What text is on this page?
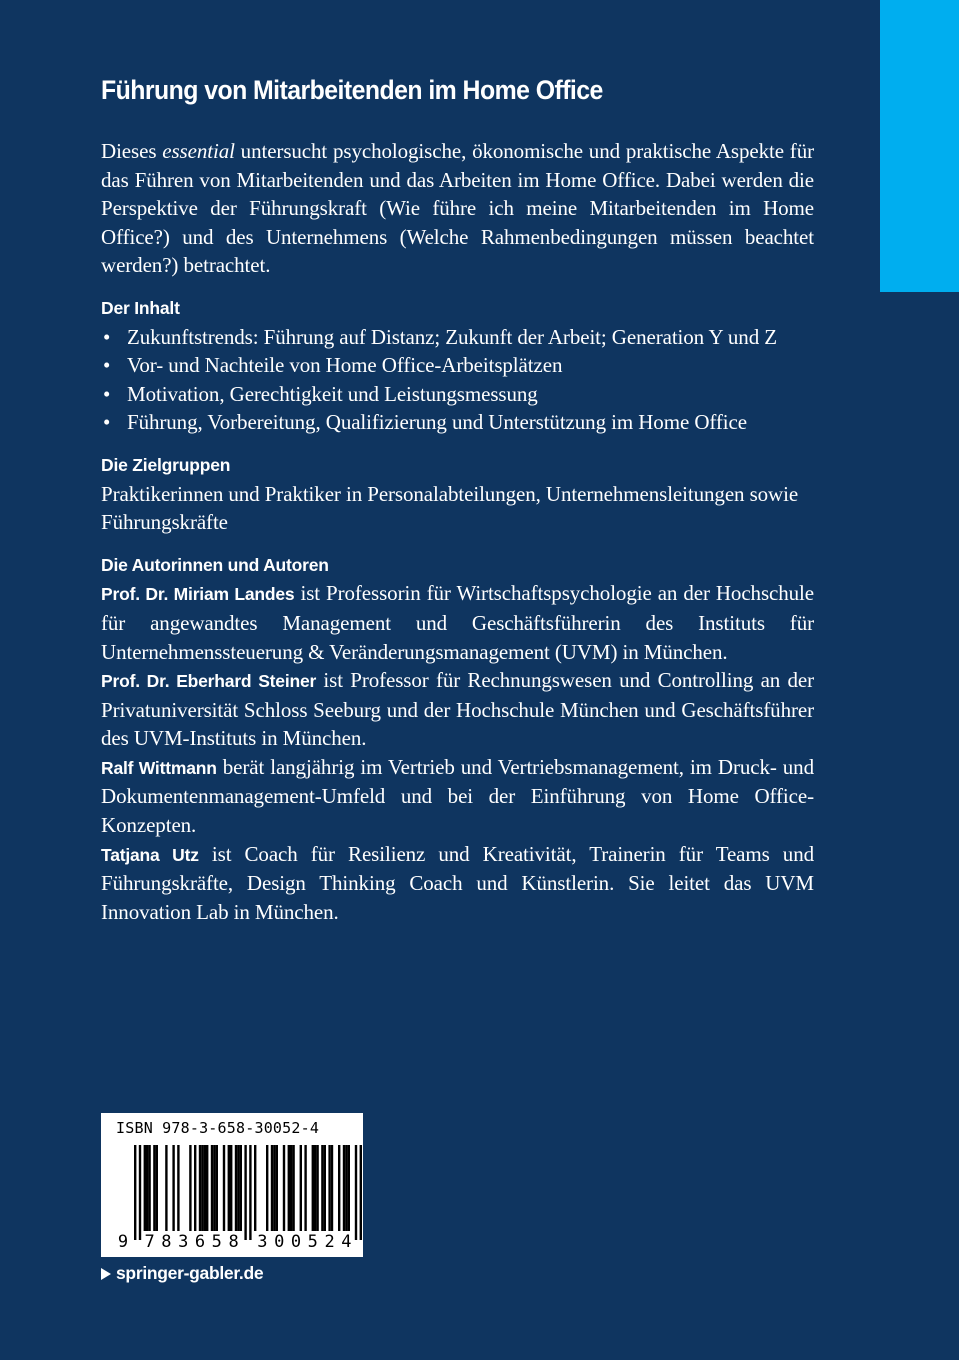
Führung von Mitarbeitenden im Home Office

Dieses essential untersucht psychologische, ökonomische und praktische Aspekte für das Führen von Mitarbeitenden und das Arbeiten im Home Office. Dabei werden die Perspektive der Führungskraft (Wie führe ich meine Mitarbeitenden im Home Office?) und des Unternehmens (Welche Rahmenbedingungen müssen beachtet werden?) betrachtet.

Der Inhalt
• Zukunftstrends: Führung auf Distanz; Zukunft der Arbeit; Generation Y und Z
• Vor- und Nachteile von Home Office-Arbeitsplätzen
• Motivation, Gerechtigkeit und Leistungsmessung
• Führung, Vorbereitung, Qualifizierung und Unterstützung im Home Office
Die Zielgruppen

Praktikerinnen und Praktiker in Personalabteilungen, Unternehmensleitungen sowie Führungskräfte

Die Autorinnen und Autoren

Prof. Dr. Miriam Landes ist Professorin für Wirtschaftspsychologie an der Hochschule für angewandtes Management und Geschäftsführerin des Instituts für Unternehmenssteuerung & Veränderungsmanagement (UVM) in München.

Prof. Dr. Eberhard Steiner ist Professor für Rechnungswesen und Controlling an der Privatuniversität Schloss Seeburg und der Hochschule München und Geschäftsführer des UVM-Instituts in München.

Ralf Wittmann berät langjährig im Vertrieb und Vertriebsmanagement, im Druck- und Dokumentenmanagement-Umfeld und bei der Einführung von Home Office-Konzepten.

Tatjana Utz ist Coach für Resilienz und Kreativität, Trainerin für Teams und Führungskräfte, Design Thinking Coach und Künstlerin. Sie leitet das UVM Innovation Lab in München.

ISBN 978-3-658-30052-4
9 7 8 3 6 5 8 3 0 0 5 2 4
springer-gabler.de
